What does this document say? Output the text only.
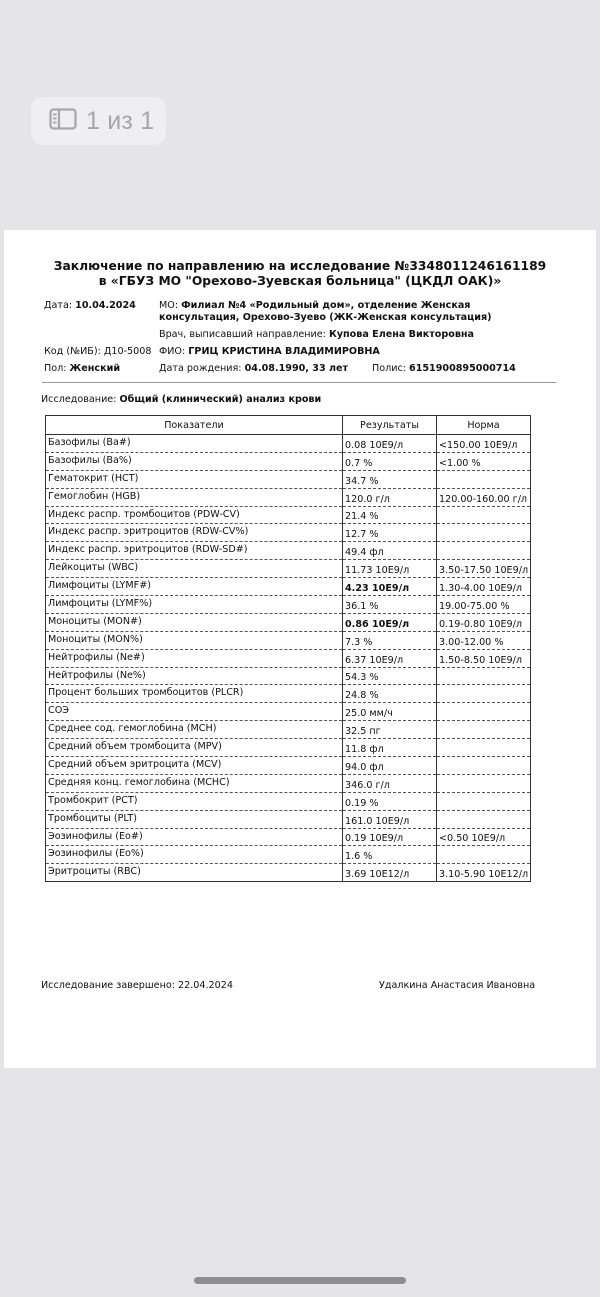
1 из 1
Заключение по направлению на исследование №3348011246161189
в «ГБУЗ МО "Орехово-Зуевская больница" (ЦКДЛ ОАК)»
Дата: 10.04.2024 МО: Филиал №4 «Родильный дом», отделение Женская
консультация, Орехово-Зуево (ЖК-Женская консультация)
Врач, выписавший направление: Купова Елена Викторовна
Код (№ИБ): Д10-5008 ФИО: ГРИЦ КРИСТИНА ВЛАДИМИРОВНА
Пол: Женский	Дата рождения: 04.08.1990, 33 лет Полис: 6151900895000714
Исследование: Общий (клинический) анализ крови
Показатели	Результаты	Норма
Базофилы (Ba#)	0.08 10E9/л	<150.00 10E9/л
Базофилы (Ba%)	0.7 %	<1.00 %
Гематокрит (HCT)	34.7 %	
Гемоглобин (HGB)	120.0 г/л	120.00-160.00 г/л
Индекс распр. тромбоцитов (PDW-CV)	21.4 %	
Индекс распр. эритроцитов (RDW-CV%)	12.7 %	
Индекс распр. эритроцитов (RDW-SD#)	49.4 фл	
Лейкоциты (WBC)	11.73 10E9/л	3.50-17.50 10E9/л
Лимфоциты (LYMF#)	4.23 10E9/л	1.30-4.00 10E9/л
Лимфоциты (LYMF%)	36.1 %	19.00-75.00 %
Моноциты (MON#)	0.86 10E9/л	0.19-0.80 10E9/л
Моноциты (MON%)	7.3 %	3.00-12.00 %
Нейтрофилы (Ne#)	6.37 10E9/л	1.50-8.50 10E9/л
Нейтрофилы (Ne%)	54.3 %	
Процент больших тромбоцитов (PLCR)	24.8 %	
СОЭ	25.0 мм/ч	
Среднее сод. гемоглобина (MCH)	32.5 пг	
Средний объем тромбоцита (MPV)	11.8 фл	
Средний объем эритроцита (MCV)	94.0 фл	
Средняя конц. гемоглобина (MCHC)	346.0 г/л	
Тромбокрит (PCT)	0.19 %	
Тромбоциты (PLT)	161.0 10E9/л	
Эозинофилы (Eo#)	0.19 10E9/л	<0.50 10E9/л
Эозинофилы (Eo%)	1.6 %	
Эритроциты (RBC)	3.69 10E12/л	3.10-5.90 10E12/л
Исследование завершено: 22.04.2024	Удалкина Анастасия Ивановна
